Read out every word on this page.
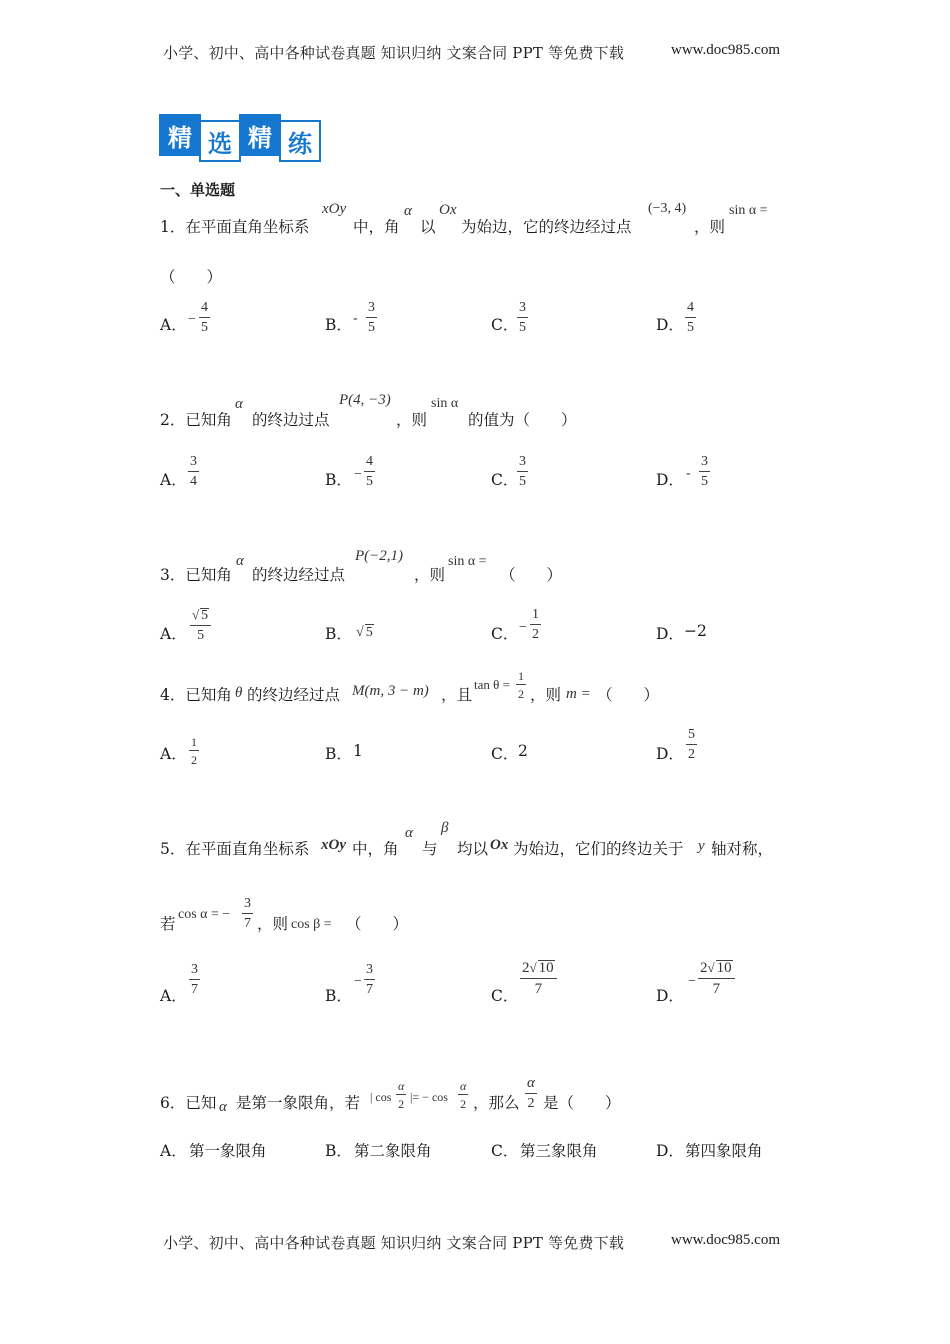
小学、初中、高中各种试卷真题 知识归纳 文案合同 PPT 等免费下载	www.doc985.com
精 选 精 练
一、单选题
1．在平面直角坐标系
xOy
中，角
α
以
Ox
为始边，它的终边经过点
(−3, 4)
，则
sin α =
（　　）
A． −
4
5	B． -
3
5	C．
3
5	D．
4
5
2．已知角
α
的终边过点
P(4, −3)
，则
sin α
的值为（　　）
A．
3
4	B． −
4
5	C．
3
5	D． -
3
5
3．已知角
α
的终边经过点
P(−2,1)
，则
sin α =
（　　）
A．
√ 5
5	B． √ 5	C． −
1
2	D． −2
4．已知角 θ 的终边经过点 M(m, 3 − m) ，且
tan θ =
1
2 ，则 m = （　　）
A．
1
2	B． 1	C． 2	D．
5
2
5．在平面直角坐标系 xOy 中，角
α
与
β
均以 Ox 为始边，它们的终边关于 y 轴对称，
若
cos α = −
3
7 ，则 cos β = （　　）
A．
3
7	B．
−
3
7	C．
2√ 10
7	D．
−
2√ 10
7
6．已知 α 是第一象限角，若 | cos
α
2 |= − cos
α
2 ，那么
α
2 是（　　）
A． 第一象限角	B． 第二象限角	C． 第三象限角	D． 第四象限角
小学、初中、高中各种试卷真题 知识归纳 文案合同 PPT 等免费下载	www.doc985.com
